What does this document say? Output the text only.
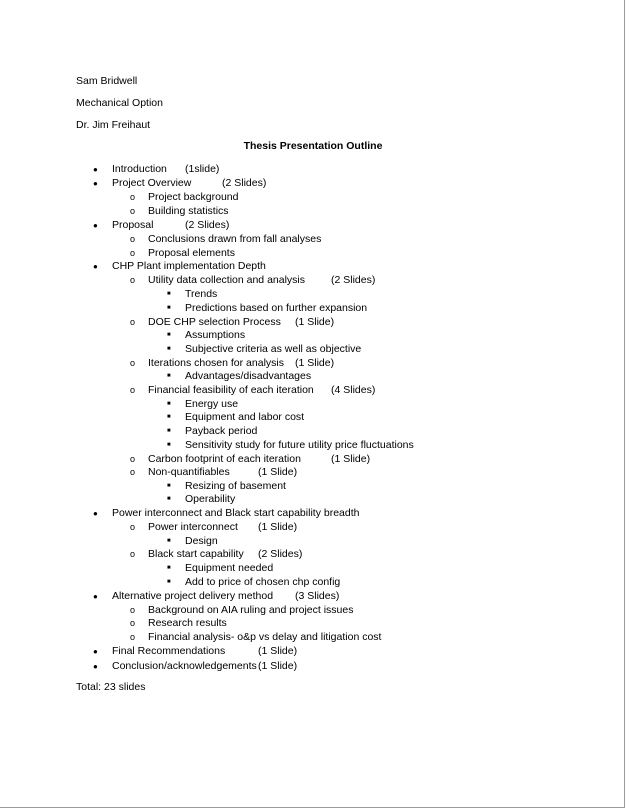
Sam Bridwell
Mechanical Option
Dr. Jim Freihaut
Thesis Presentation Outline
● Introduction (1slide)
● Project Overview	(2 Slides)
o Project background
o Building statistics
● Proposal	(2 Slides)
o Conclusions drawn from fall analyses
o Proposal elements
● CHP Plant implementation Depth
o Utility data collection and analysis (2 Slides)
■ Trends
■ Predictions based on further expansion
o DOE CHP selection Process (1 Slide)
■ Assumptions
■ Subjective criteria as well as objective
o Iterations chosen for analysis (1 Slide)
■ Advantages/disadvantages
o Financial feasibility of each iteration (4 Slides)
■ Energy use
■ Equipment and labor cost
■ Payback period
■ Sensitivity study for future utility price fluctuations
o Carbon footprint of each iteration	(1 Slide)
o Non-quantifiables	(1 Slide)
■ Resizing of basement
■ Operability
● Power interconnect and Black start capability breadth
o Power interconnect (1 Slide)
■ Design
o Black start capability (2 Slides)
■ Equipment needed
■ Add to price of chosen chp config
● Alternative project delivery method (3 Slides)
o Background on AIA ruling and project issues
o Research results
o Financial analysis- o&p vs delay and litigation cost
● Final Recommendations	(1 Slide)
● Conclusion/acknowledgements (1 Slide)
Total: 23 slides
